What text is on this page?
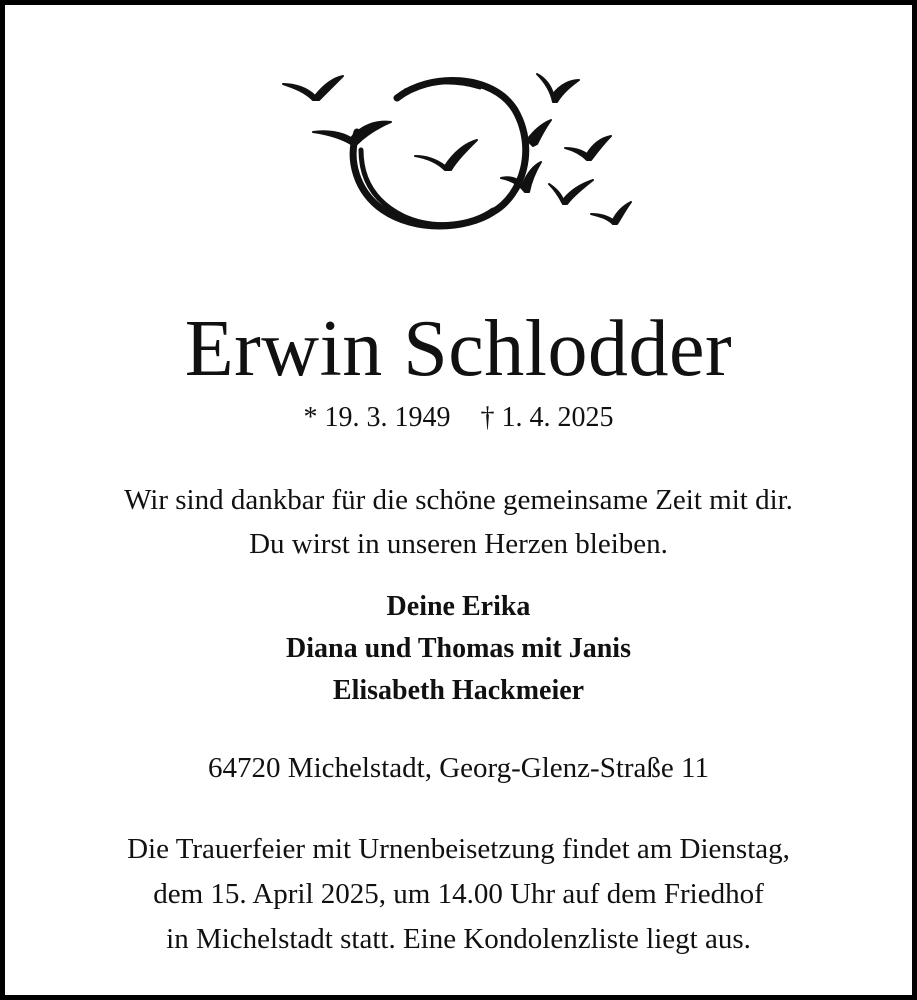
Erwin Schlodder
* 19. 3. 1949 † 1. 4. 2025
Wir sind dankbar für die schöne gemeinsame Zeit mit dir.
Du wirst in unseren Herzen bleiben.
Deine Erika
Diana und Thomas mit Janis
Elisabeth Hackmeier
64720 Michelstadt, Georg-Glenz-Straße 11
Die Trauerfeier mit Urnenbeisetzung findet am Dienstag,
dem 15. April 2025, um 14.00 Uhr auf dem Friedhof
in Michelstadt statt. Eine Kondolenzliste liegt aus.
